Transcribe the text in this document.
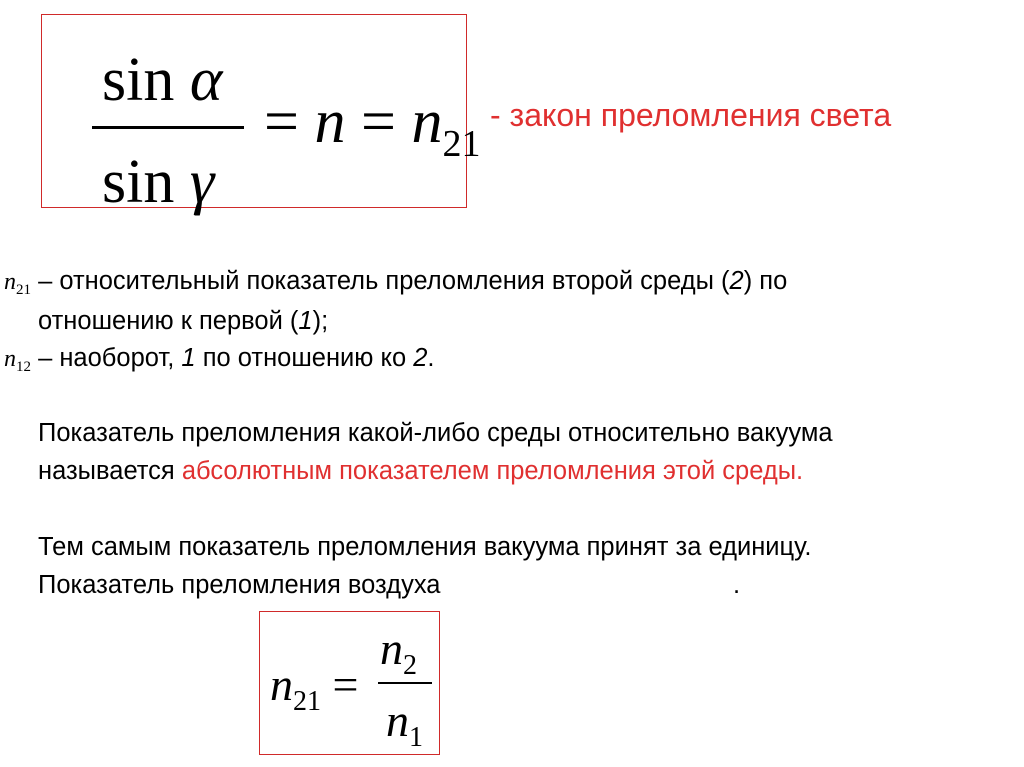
sin α
sin γ
= $n = n_{21}$
- закон преломления света
$n_{21}$ – относительный показатель преломления второй среды (2) по
отношению к первой (1);
$n_{12}$ – наоборот, 1 по отношению ко 2.
Показатель преломления какой-либо среды относительно вакуума
называется абсолютным показателем преломления этой среды.
Тем самым показатель преломления вакуума принят за единицу.
Показатель преломления воздуха	.
$n_{21}$ =
$n_2$
$n_1$
